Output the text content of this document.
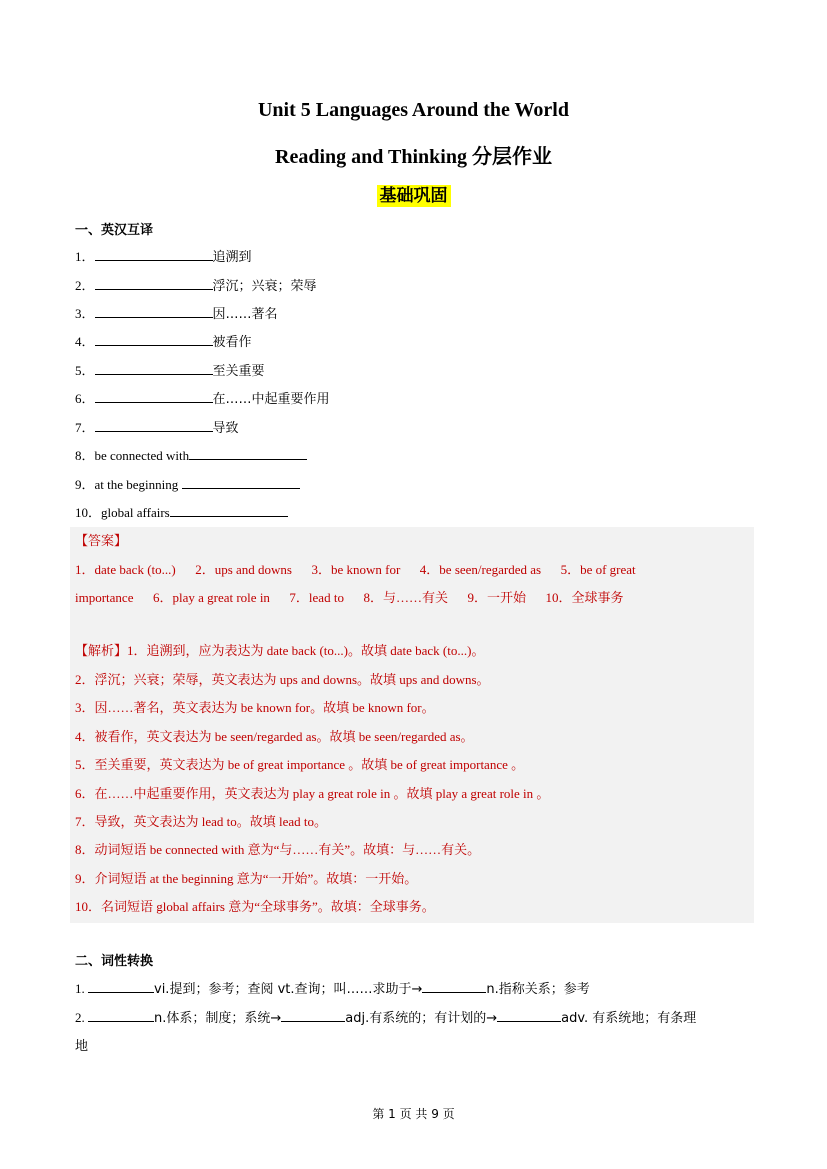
Unit 5 Languages Around the World
Reading and Thinking 分层作业
基础巩固
一、英汉互译
1．	追溯到
2．	浮沉；兴衰；荣辱
3．	因……著名
4．	被看作
5．	至关重要
6．	在……中起重要作用
7．	导致
8．be connected with
9．at the beginning
10．global affairs
【答案】
1．date back (to...)      2．ups and downs      3．be known for      4．be seen/regarded as      5．be of great
importance      6．play a great role in      7．lead to      8．与……有关      9．一开始      10．全球事务
【解析】1．追溯到，应为表达为 date back (to...)。故填 date back (to...)。
2．浮沉；兴衰；荣辱，英文表达为 ups and downs。故填 ups and downs。
3．因……著名，英文表达为 be known for。故填 be known for。
4．被看作，英文表达为 be seen/regarded as。故填 be seen/regarded as。
5．至关重要，英文表达为 be of great importance 。故填 be of great importance 。
6．在……中起重要作用，英文表达为 play a great role in 。故填 play a great role in 。
7．导致，英文表达为 lead to。故填 lead to。
8．动词短语 be connected with 意为“与……有关”。故填：与……有关。
9．介词短语 at the beginning 意为“一开始”。故填：一开始。
10．名词短语 global affairs 意为“全球事务”。故填：全球事务。
二、词性转换
1.	vi.提到；参考；查阅 vt.查询；叫……求助于→	n.指称关系；参考
2.	n.体系；制度；系统→	adj.有系统的；有计划的→	adv. 有系统地；有条理
地
第 1 页 共 9 页
